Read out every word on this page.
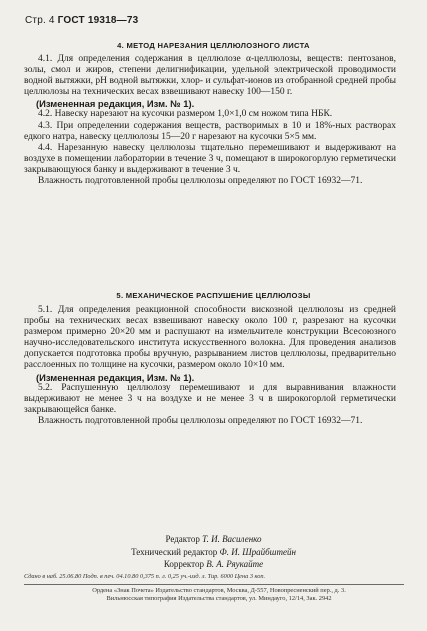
Стр. 4 ГОСТ 19318—73
4. МЕТОД НАРЕЗАНИЯ ЦЕЛЛЮЛОЗНОГО ЛИСТА

4.1. Для определения содержания в целлюлозе α-целлюлозы, веществ: пентозанов, золы, смол и жиров, степени делигнификации, удельной электрической проводимости водной вытяжки, pH водной вытяжки, хлор- и сульфат-ионов из отобранной средней пробы целлюлозы на технических весах взвешивают навеску 100—150 г.

(Измененная редакция, Изм. № 1).

4.2. Навеску нарезают на кусочки размером 1,0×1,0 см ножом типа НБК.

4.3. При определении содержания веществ, растворимых в 10 и 18%-ных растворах едкого натра, навеску целлюлозы 15—20 г нарезают на кусочки 5×5 мм.

4.4. Нарезанную навеску целлюлозы тщательно перемешивают и выдерживают на воздухе в помещении лаборатории в течение 3 ч, помещают в широкогорлую герметически закрывающуюся банку и выдерживают в течение 3 ч.

Влажность подготовленной пробы целлюлозы определяют по ГОСТ 16932—71.

5. МЕХАНИЧЕСКОЕ РАСПУШЕНИЕ ЦЕЛЛЮЛОЗЫ

5.1. Для определения реакционной способности вискозной целлюлозы из средней пробы на технических весах взвешивают навеску около 100 г, разрезают на кусочки размером примерно 20×20 мм и распушают на измельчителе конструкции Всесоюзного научно-исследовательского института искусственного волокна. Для проведения анализов допускается подготовка пробы вручную, разрыванием листов целлюлозы, предварительно расслоенных по толщине на кусочки, размером около 10×10 мм.

(Измененная редакция, Изм. № 1).

5.2. Распушенную целлюлозу перемешивают и для выравнивания влажности выдерживают не менее 3 ч на воздухе и не менее 3 ч в широкогорлой герметически закрывающейся банке.

Влажность подготовленной пробы целлюлозы определяют по ГОСТ 16932—71.

Редактор Т. И. Василенко
Технический редактор Ф. И. Шрайбштейн
Корректор В. А. Ряукайте
Сдано в наб. 25.06.80 Подп. в печ. 04.10.80 0,375 п. л. 0,25 уч.-изд. л. Тир. 6000 Цена 3 коп.
Ордена «Знак Почета» Издательство стандартов, Москва, Д-557, Новопресненский пер., д. 3.
Вильнюсская типография Издательства стандартов, ул. Миндауго, 12/14, Зак. 2942
